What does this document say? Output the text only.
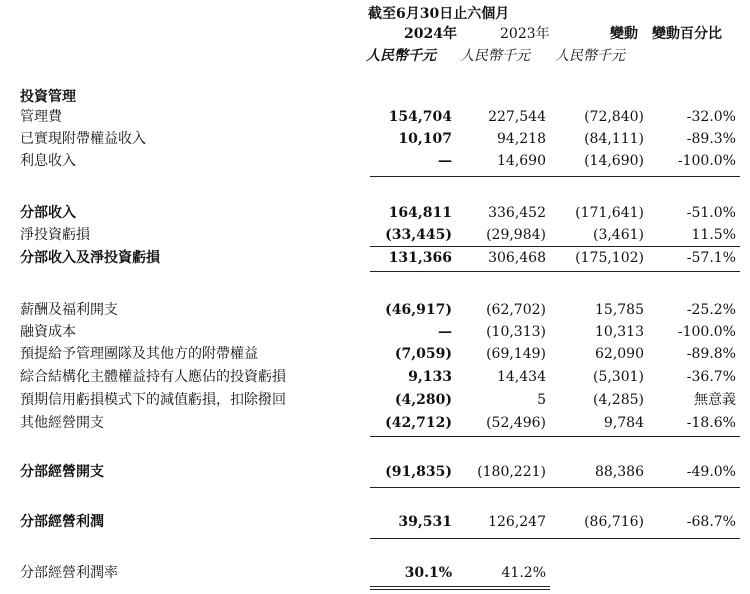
截至6月30日止六個月
2024年	2023年	變動 變動百分比
人民幣千元 人民幣千元 人民幣千元
投資管理
管理費	154,704	227,544	(72,840)	-32.0%
已實現附帶權益收入	10,107	94,218	(84,111)	-89.3%
利息收入	—	14,690	(14,690) -100.0%
分部收入	164,811	336,452 (171,641)	-51.0%
淨投資虧損	(33,445) (29,984)	(3,461)	11.5%
分部收入及淨投資虧損	131,366	306,468 (175,102)	-57.1%
薪酬及福利開支	(46,917) (62,702)	15,785	-25.2%
融資成本	— (10,313)	10,313 -100.0%
預提給予管理團隊及其他方的附帶權益	(7,059) (69,149)	62,090	-89.8%
綜合結構化主體權益持有人應佔的投資虧損	9,133	14,434	(5,301)	-36.7%
預期信用虧損模式下的減值虧損，扣除撥回	(4,280)	5	(4,285)	無意義
其他經營開支	(42,712) (52,496)	9,784	-18.6%
分部經營開支	(91,835) (180,221)	88,386	-49.0%
分部經營利潤	39,531	126,247	(86,716)	-68.7%
分部經營利潤率	30.1%	41.2%
